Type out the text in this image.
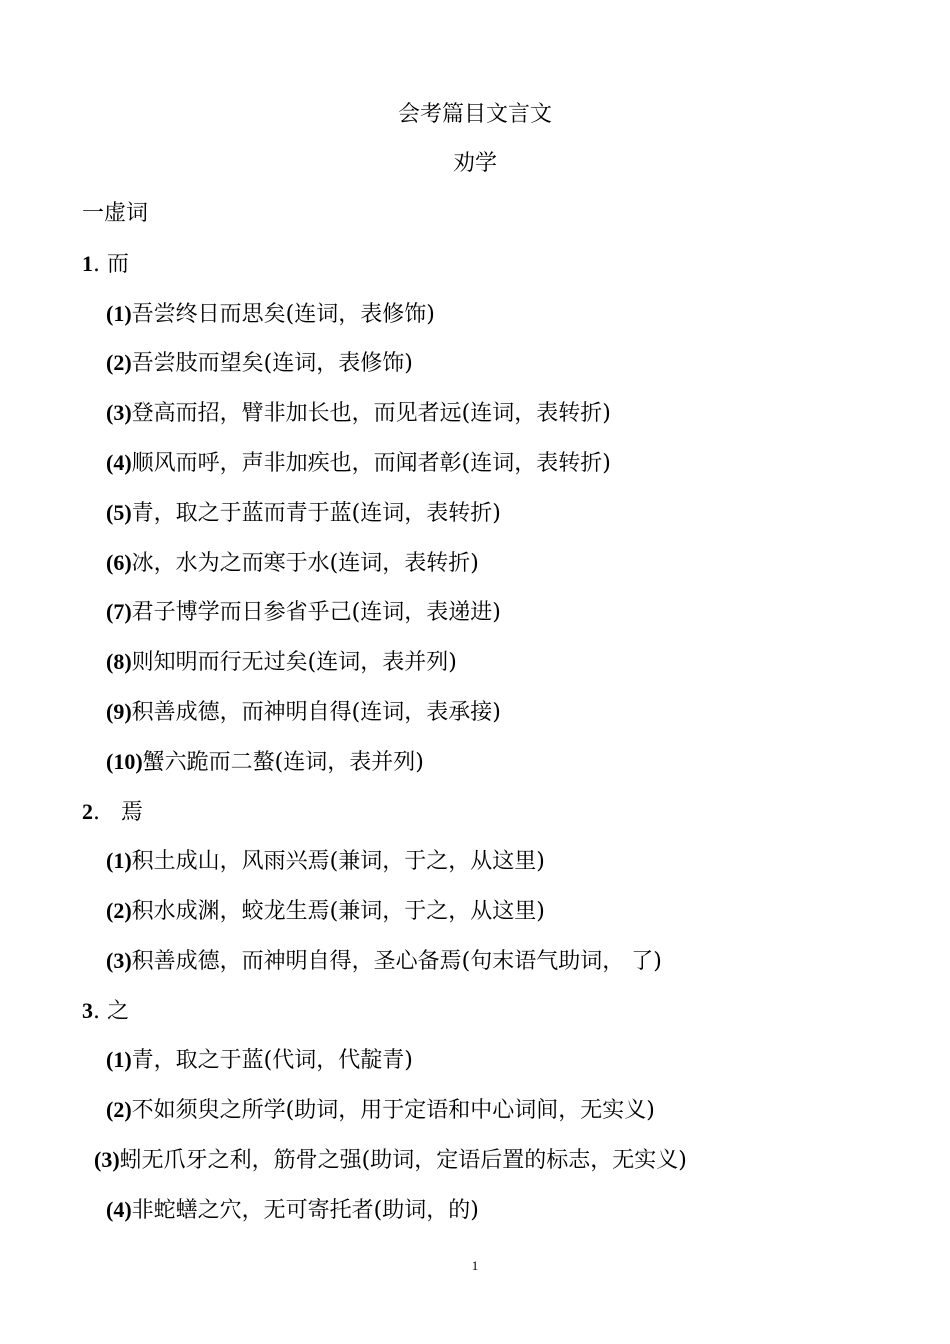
会考篇目文言文
劝学
一虚词
1. 而
(1)吾尝终日而思矣(连词，表修饰)
(2)吾尝肢而望矣(连词，表修饰)
(3)登高而招，臂非加长也，而见者远(连词，表转折)
(4)顺风而呼，声非加疾也，而闻者彰(连词，表转折)
(5)青，取之于蓝而青于蓝(连词，表转折)
(6)冰，水为之而寒于水(连词，表转折)
(7)君子博学而日参省乎己(连词，表递进)
(8)则知明而行无过矣(连词，表并列)
(9)积善成德，而神明自得(连词，表承接)
(10)蟹六跪而二螯(连词，表并列)
2. 焉
(1)积土成山，风雨兴焉(兼词，于之，从这里)
(2)积水成渊，蛟龙生焉(兼词，于之，从这里)
(3)积善成德，而神明自得，圣心备焉(句末语气助词， 了)
3. 之
(1)青，取之于蓝(代词，代靛青)
(2)不如须臾之所学(助词，用于定语和中心词间，无实义)
(3)蚓无爪牙之利，筋骨之强(助词，定语后置的标志，无实义)
(4)非蛇蟮之穴，无可寄托者(助词，的)
1
